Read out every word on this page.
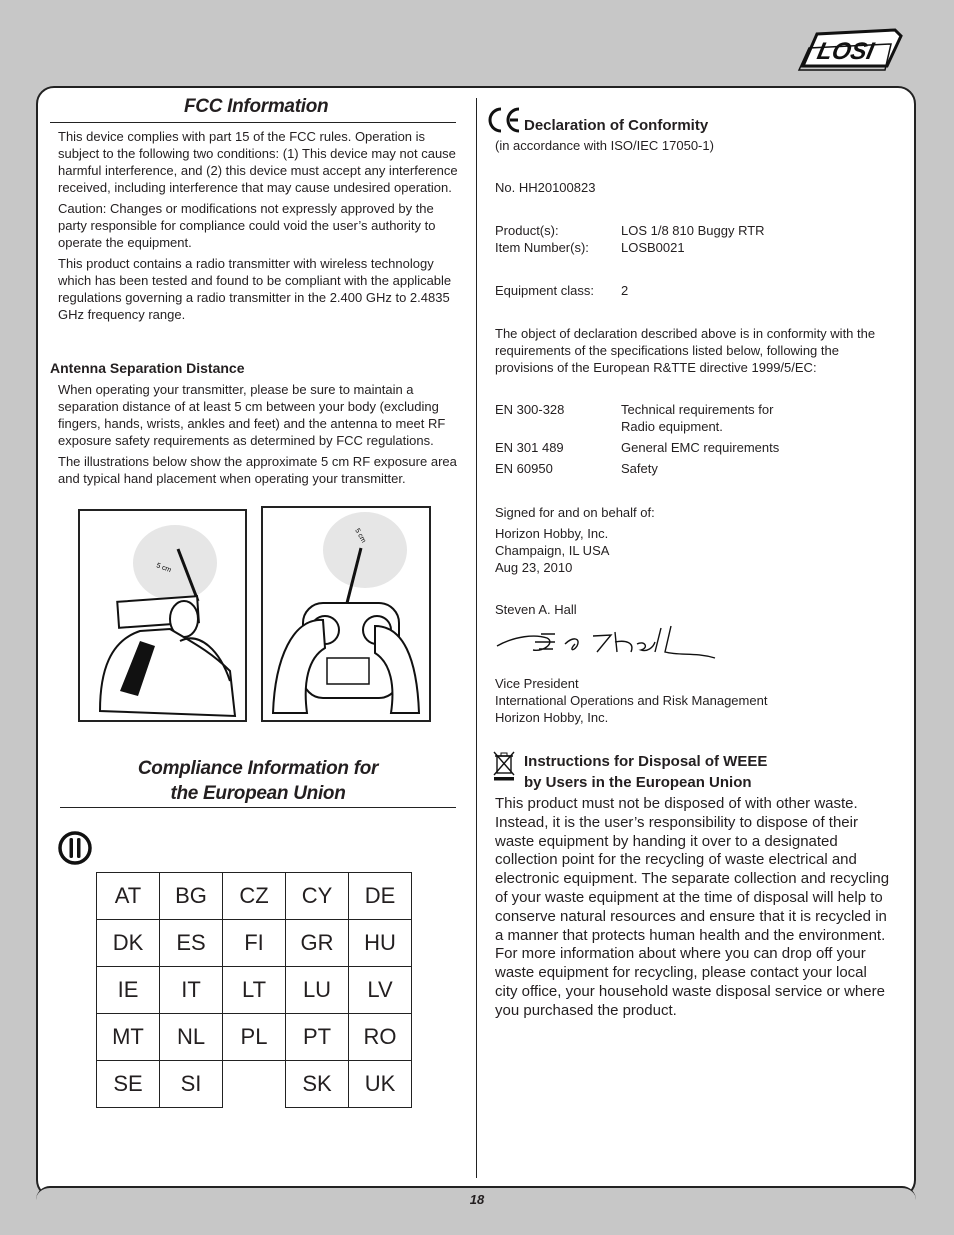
LOSI
FCC Information

This device complies with part 15 of the FCC rules. Operation is subject to the following two conditions: (1) This device may not cause harmful interference, and (2) this device must accept any interference received, including interference that may cause undesired operation.

Caution: Changes or modifications not expressly approved by the party responsible for compliance could void the user’s authority to operate the equipment.

This product contains a radio transmitter with wireless technology which has been tested and found to be compliant with the applicable regulations governing a radio transmitter in the 2.400 GHz to 2.4835 GHz frequency range.

Antenna Separation Distance

When operating your transmitter, please be sure to maintain a separation distance of at least 5 cm between your body (excluding fingers, hands, wrists, ankles and feet) and the antenna to meet RF exposure safety requirements as determined by FCC regulations.

The illustrations below show the approximate 5 cm RF exposure area and typical hand placement when operating your transmitter.

5 cm
5 cm
Compliance Information for
the European Union
AT	BG	CZ	CY	DE
DK	ES	FI	GR	HU
IE	IT	LT	LU	LV
MT	NL	PL	PT	RO
SE	SI		SK	UK
Declaration of Conformity
(in accordance with ISO/IEC 17050-1)
No. HH20100823
Product(s):	LOS 1/8 810 Buggy RTR
Item Number(s):	LOSB0021
Equipment class:	2
The object of declaration described above is in conformity with the requirements of the specifications listed below, following the provisions of the European R&TTE directive 1999/5/EC:
EN 300-328	Technical requirements for
Radio equipment.
EN 301 489	General EMC requirements
EN 60950	Safety
Signed for and on behalf of:
Horizon Hobby, Inc.
Champaign, IL USA
Aug 23, 2010
Steven A. Hall
Vice President
International Operations and Risk Management
Horizon Hobby, Inc.
Instructions for Disposal of WEEE
by Users in the European Union
This product must not be disposed of with other waste. Instead, it is the user’s responsibility to dispose of their waste equipment by handing it over to a designated collection point for the recycling of waste electrical and electronic equipment. The separate collection and recycling of your waste equipment at the time of disposal will help to conserve natural resources and ensure that it is recycled in a manner that protects human health and the environment. For more information about where you can drop off your waste equipment for recycling, please contact your local city office, your household waste disposal service or where you purchased the product.
18
